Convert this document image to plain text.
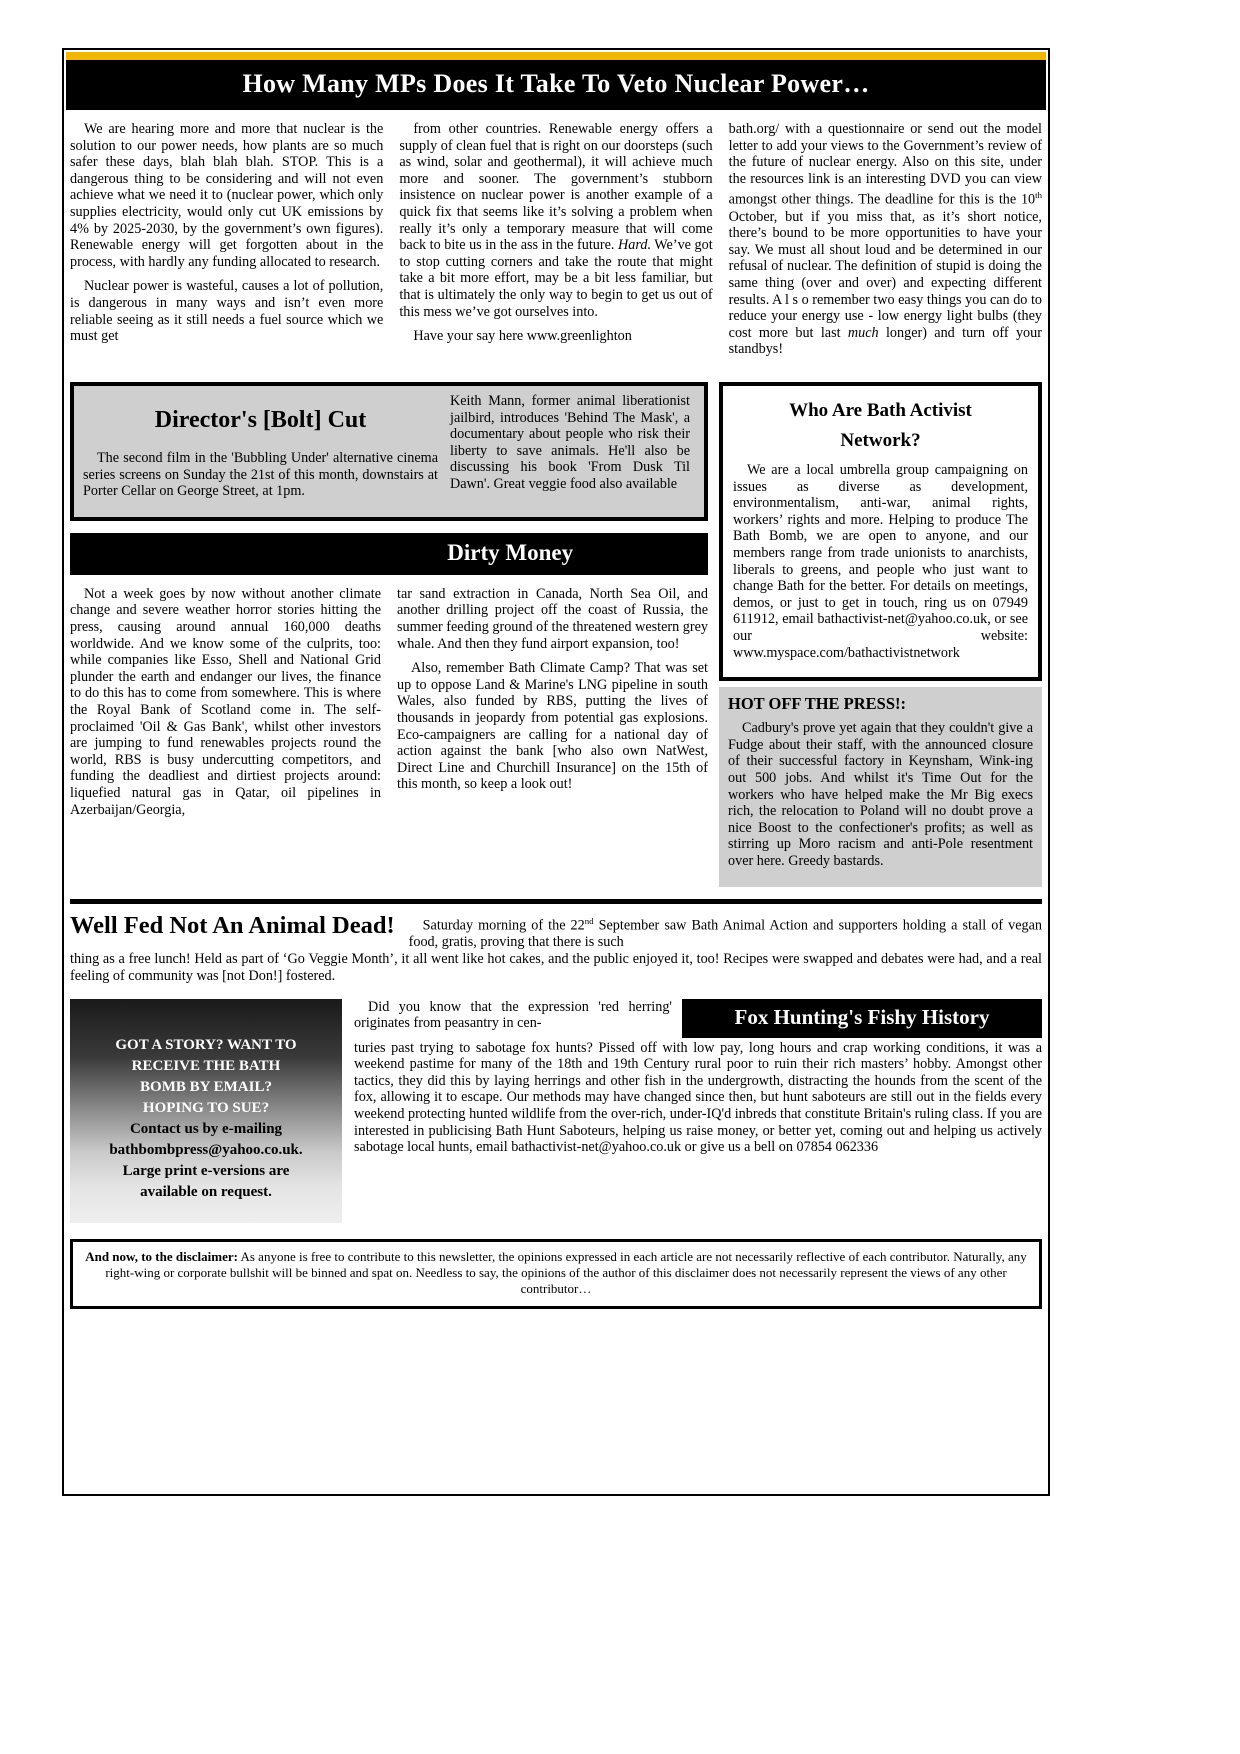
How Many MPs Does It Take To Veto Nuclear Power…

We are hearing more and more that nuclear is the solution to our power needs, how plants are so much safer these days, blah blah blah. STOP. This is a dangerous thing to be considering and will not even achieve what we need it to (nuclear power, which only supplies electricity, would only cut UK emissions by 4% by 2025-2030, by the government’s own figures). Renewable energy will get forgotten about in the process, with hardly any funding allocated to research.

Nuclear power is wasteful, causes a lot of pollution, is dangerous in many ways and isn’t even more reliable seeing as it still needs a fuel source which we must get

from other countries. Renewable energy offers a supply of clean fuel that is right on our doorsteps (such as wind, solar and geothermal), it will achieve much more and sooner. The government’s stubborn insistence on nuclear power is another example of a quick fix that seems like it’s solving a problem when really it’s only a temporary measure that will come back to bite us in the ass in the future. Hard. We’ve got to stop cutting corners and take the route that might take a bit more effort, may be a bit less familiar, but that is ultimately the only way to begin to get us out of this mess we’ve got ourselves into.

Have your say here www.greenlighton

bath.org/ with a questionnaire or send out the model letter to add your views to the Government’s review of the future of nuclear energy. Also on this site, under the resources link is an interesting DVD you can view amongst other things. The deadline for this is the 10th October, but if you miss that, as it’s short notice, there’s bound to be more opportunities to have your say. We must all shout loud and be determined in our refusal of nuclear. The definition of stupid is doing the same thing (over and over) and expecting different results. A l s o remember two easy things you can do to reduce your energy use - low energy light bulbs (they cost more but last much longer) and turn off your standbys!

Director's [Bolt] Cut

The second film in the 'Bubbling Under' alternative cinema series screens on Sunday the 21st of this month, downstairs at Porter Cellar on George Street, at 1pm.

Keith Mann, former animal liberationist jailbird, introduces 'Behind The Mask', a documentary about people who risk their liberty to save animals. He'll also be discussing his book 'From Dusk Til Dawn'. Great veggie food also available

Dirty Money

Not a week goes by now without another climate change and severe weather horror stories hitting the press, causing around annual 160,000 deaths worldwide. And we know some of the culprits, too: while companies like Esso, Shell and National Grid plunder the earth and endanger our lives, the finance to do this has to come from somewhere. This is where the Royal Bank of Scotland come in. The self-proclaimed 'Oil & Gas Bank', whilst other investors are jumping to fund renewables projects round the world, RBS is busy undercutting competitors, and funding the deadliest and dirtiest projects around: liquefied natural gas in Qatar, oil pipelines in Azerbaijan/Georgia,

tar sand extraction in Canada, North Sea Oil, and another drilling project off the coast of Russia, the summer feeding ground of the threatened western grey whale. And then they fund airport expansion, too!

Also, remember Bath Climate Camp? That was set up to oppose Land & Marine's LNG pipeline in south Wales, also funded by RBS, putting the lives of thousands in jeopardy from potential gas explosions. Eco-campaigners are calling for a national day of action against the bank [who also own NatWest, Direct Line and Churchill Insurance] on the 15th of this month, so keep a look out!

Who Are Bath Activist
Network?

We are a local umbrella group campaigning on issues as diverse as development, environmentalism, anti-war, animal rights, workers’ rights and more. Helping to produce The Bath Bomb, we are open to anyone, and our members range from trade unionists to anarchists, liberals to greens, and people who just want to change Bath for the better. For details on meetings, demos, or just to get in touch, ring us on 07949 611912, email bathactivist-net@yahoo.co.uk, or see our website: www.myspace.com/bathactivistnetwork

HOT OFF THE PRESS!:

Cadbury's prove yet again that they couldn't give a Fudge about their staff, with the announced closure of their successful factory in Keynsham, Wink-ing out 500 jobs. And whilst it's Time Out for the workers who have helped make the Mr Big execs rich, the relocation to Poland will no doubt prove a nice Boost to the confectioner's profits; as well as stirring up Moro racism and anti-Pole resentment over here. Greedy bastards.

Well Fed Not An Animal Dead!	Saturday morning of the 22nd September saw Bath Animal Action and supporters holding a stall of vegan food, gratis, proving that there is such
thing as a free lunch! Held as part of ‘Go Veggie Month’, it all went like hot cakes, and the public enjoyed it, too! Recipes were swapped and debates were had, and a real feeling of community was [not Don!] fostered.
GOT A STORY? WANT TO
RECEIVE THE BATH
BOMB BY EMAIL?
HOPING TO SUE?
Contact us by e-mailing
bathbombpress@yahoo.co.uk.
Large print e-versions are
available on request.
Did you know that the expression 'red herring' originates from peasantry in cen-	Fox Hunting's Fishy History
turies past trying to sabotage fox hunts? Pissed off with low pay, long hours and crap working conditions, it was a weekend pastime for many of the 18th and 19th Century rural poor to ruin their rich masters’ hobby. Amongst other tactics, they did this by laying herrings and other fish in the undergrowth, distracting the hounds from the scent of the fox, allowing it to escape. Our methods may have changed since then, but hunt saboteurs are still out in the fields every weekend protecting hunted wildlife from the over-rich, under-IQ'd inbreds that constitute Britain's ruling class. If you are interested in publicising Bath Hunt Saboteurs, helping us raise money, or better yet, coming out and helping us actively sabotage local hunts, email bathactivist-net@yahoo.co.uk or give us a bell on 07854 062336
And now, to the disclaimer: As anyone is free to contribute to this newsletter, the opinions expressed in each article are not necessarily reflective of each contributor. Naturally, any right-wing or corporate bullshit will be binned and spat on. Needless to say, the opinions of the author of this disclaimer does not necessarily represent the views of any other contributor…
